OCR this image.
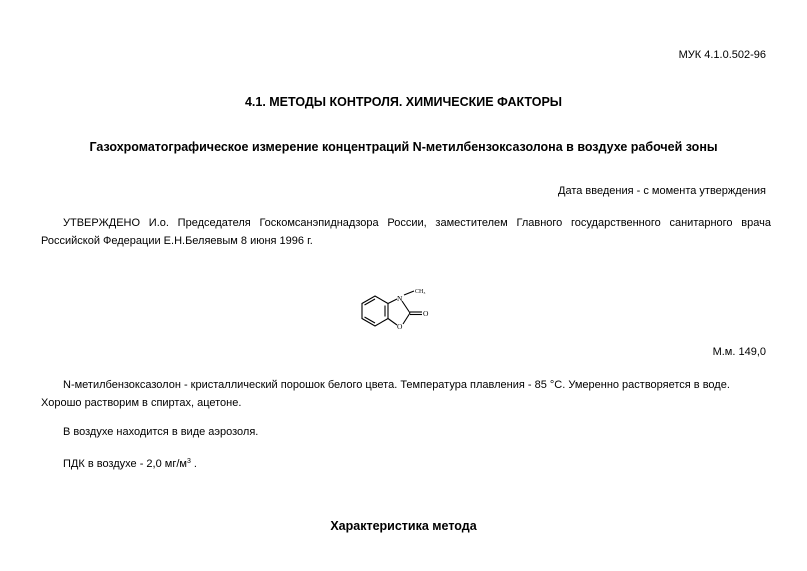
МУК 4.1.0.502-96
4.1. МЕТОДЫ КОНТРОЛЯ. ХИМИЧЕСКИЕ ФАКТОРЫ
Газохроматографическое измерение концентраций N-метилбензоксазолона в воздухе рабочей зоны
Дата введения - с момента утверждения
УТВЕРЖДЕНО И.о. Председателя Госкомсанэпиднадзора России, заместителем Главного государственного санитарного врача Российской Федерации Е.Н.Беляевым 8 июня 1996 г.
N
O
CH₃
O
М.м. 149,0
N-метилбензоксазолон - кристаллический порошок белого цвета. Температура плавления - 85 °С. Умеренно растворяется в воде. Хорошо растворим в спиртах, ацетоне.
В воздухе находится в виде аэрозоля.
ПДК в воздухе - 2,0 $мг/м^3$ .
Характеристика метода
